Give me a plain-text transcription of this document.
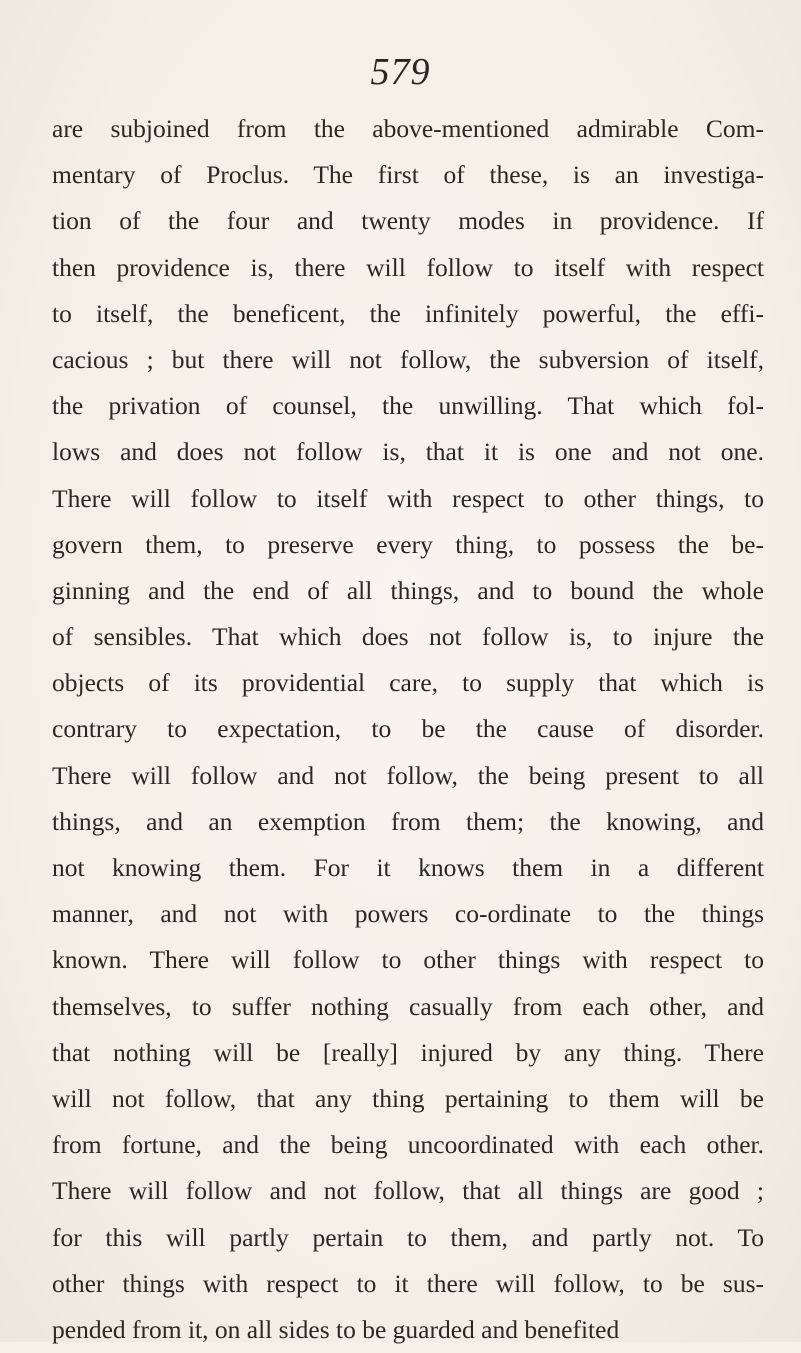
579
are subjoined from the above-mentioned admirable Com-
mentary of Proclus. The first of these, is an investiga-
tion of the four and twenty modes in providence. If
then providence is, there will follow to itself with respect
to itself, the beneficent, the infinitely powerful, the effi-
cacious ; but there will not follow, the subversion of itself,
the privation of counsel, the unwilling. That which fol-
lows and does not follow is, that it is one and not one.
There will follow to itself with respect to other things, to
govern them, to preserve every thing, to possess the be-
ginning and the end of all things, and to bound the whole
of sensibles. That which does not follow is, to injure the
objects of its providential care, to supply that which is
contrary to expectation, to be the cause of disorder.
There will follow and not follow, the being present to all
things, and an exemption from them; the knowing, and
not knowing them. For it knows them in a different
manner, and not with powers co-ordinate to the things
known. There will follow to other things with respect to
themselves, to suffer nothing casually from each other, and
that nothing will be [really] injured by any thing. There
will not follow, that any thing pertaining to them will be
from fortune, and the being uncoordinated with each other.
There will follow and not follow, that all things are good ;
for this will partly pertain to them, and partly not. To
other things with respect to it there will follow, to be sus-
pended from it, on all sides to be guarded and benefited
